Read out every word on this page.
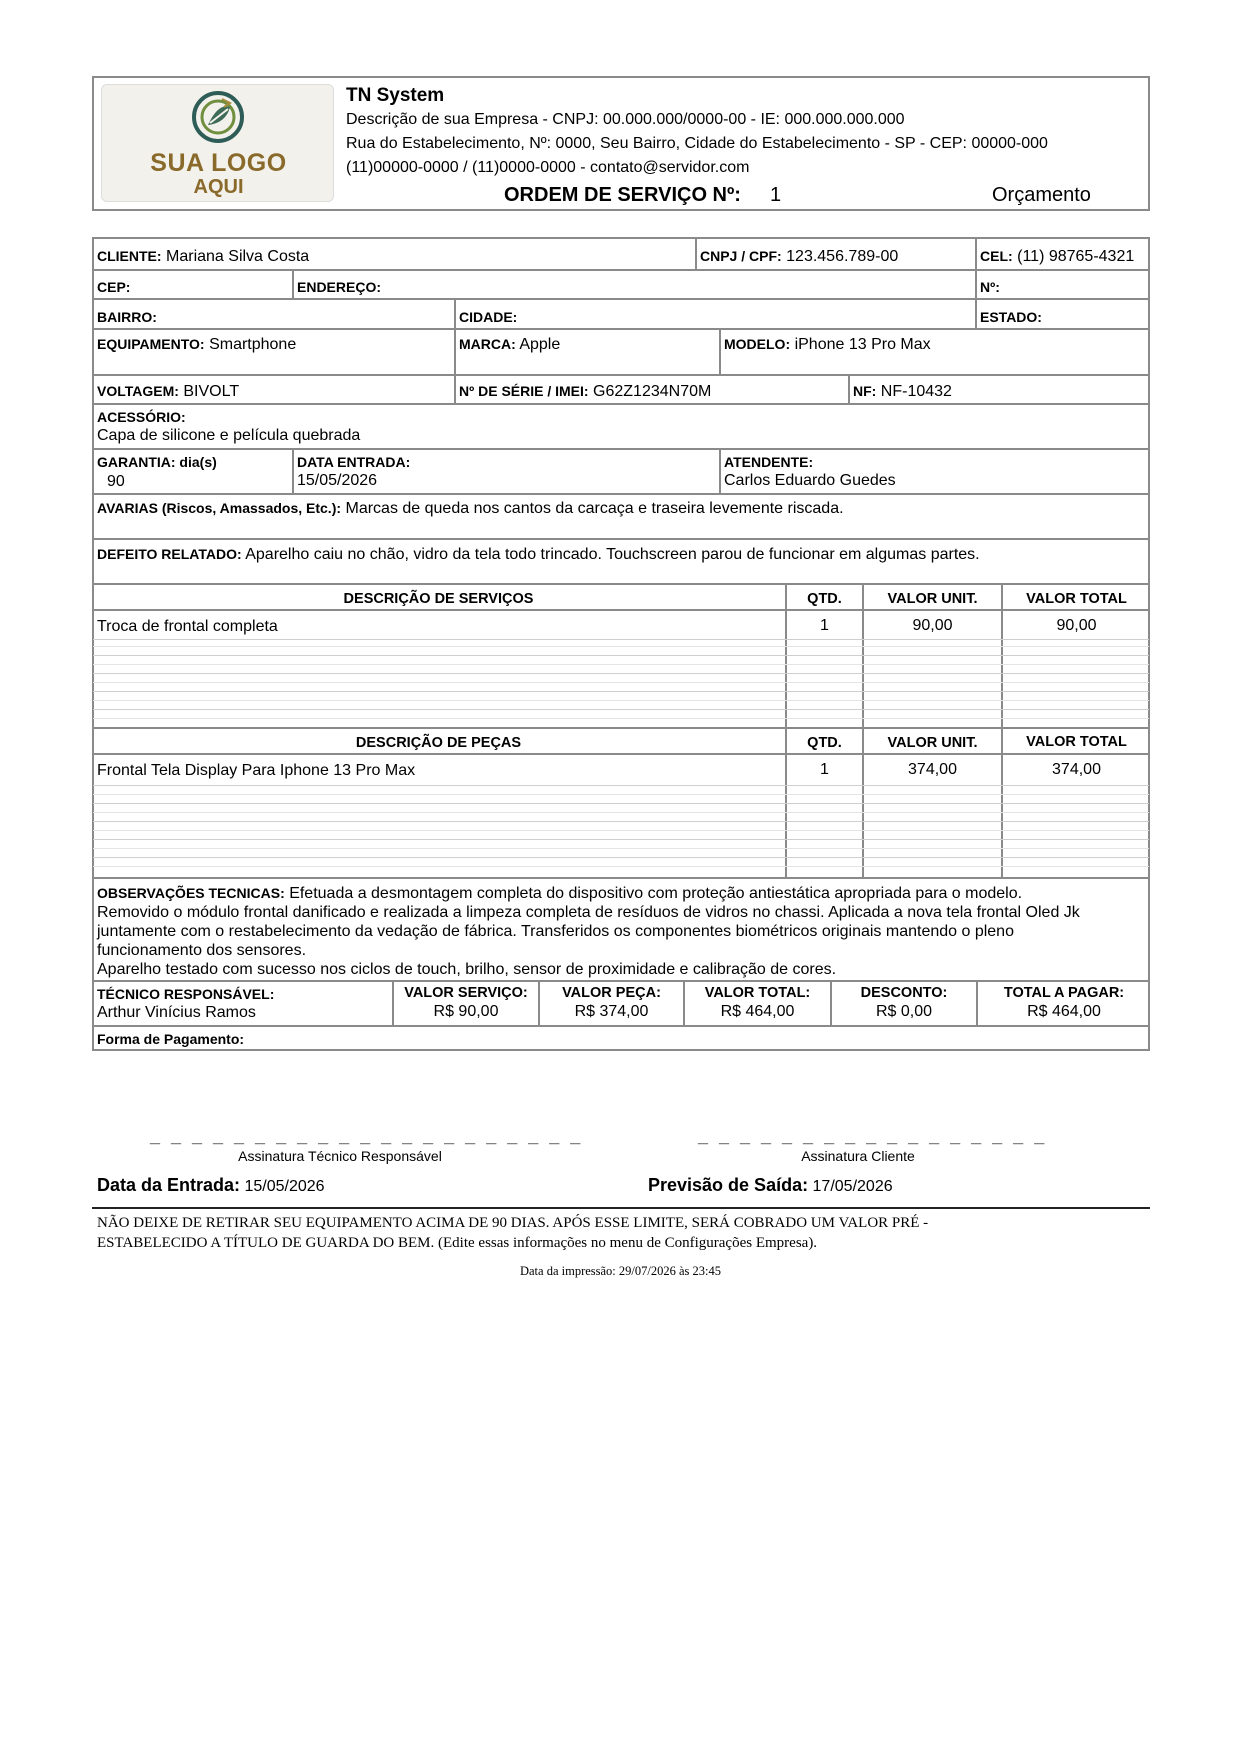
SUA LOGO
AQUI
TN System
Descrição de sua Empresa - CNPJ: 00.000.000/0000-00 - IE: 000.000.000.000
Rua do Estabelecimento, Nº: 0000, Seu Bairro, Cidade do Estabelecimento - SP - CEP: 00000-000
(11)00000-0000 / (11)0000-0000 - contato@servidor.com
ORDEM DE SERVIÇO Nº: 1	Orçamento
CLIENTE: Mariana Silva Costa	CNPJ / CPF: 123.456.789-00	CEL: (11) 98765-4321
CEP:	ENDEREÇO:	Nº:
BAIRRO:	CIDADE:	ESTADO:
EQUIPAMENTO: Smartphone	MARCA: Apple	MODELO: iPhone 13 Pro Max
VOLTAGEM: BIVOLT	Nº DE SÉRIE / IMEI: G62Z1234N70M	NF: NF-10432
ACESSÓRIO:
Capa de silicone e película quebrada
GARANTIA: dia(s)
90
DATA ENTRADA:
15/05/2026
ATENDENTE:
Carlos Eduardo Guedes
AVARIAS (Riscos, Amassados, Etc.): Marcas de queda nos cantos da carcaça e traseira levemente riscada.
DEFEITO RELATADO: Aparelho caiu no chão, vidro da tela todo trincado. Touchscreen parou de funcionar em algumas partes.
DESCRIÇÃO DE SERVIÇOS	QTD.	VALOR UNIT.	VALOR TOTAL
Troca de frontal completa	1	90,00	90,00
DESCRIÇÃO DE PEÇAS	QTD.	VALOR UNIT.	VALOR TOTAL
Frontal Tela Display Para Iphone 13 Pro Max	1	374,00	374,00
OBSERVAÇÕES TECNICAS: Efetuada a desmontagem completa do dispositivo com proteção antiestática apropriada para o modelo.
Removido o módulo frontal danificado e realizada a limpeza completa de resíduos de vidros no chassi. Aplicada a nova tela frontal Oled Jk
juntamente com o restabelecimento da vedação de fábrica. Transferidos os componentes biométricos originais mantendo o pleno
funcionamento dos sensores.
Aparelho testado com sucesso nos ciclos de touch, brilho, sensor de proximidade e calibração de cores.
TÉCNICO RESPONSÁVEL:
Arthur Vinícius Ramos
VALOR SERVIÇO:
R$ 90,00
VALOR PEÇA:
R$ 374,00
VALOR TOTAL:
R$ 464,00
DESCONTO:
R$ 0,00
TOTAL A PAGAR:
R$ 464,00
Forma de Pagamento:
_ _ _ _ _ _ _ _ _ _ _ _ _ _ _ _ _ _ _ _ _
Assinatura Técnico Responsável
_ _ _ _ _ _ _ _ _ _ _ _ _ _ _ _ _
Assinatura Cliente
Data da Entrada: 15/05/2026	Previsão de Saída: 17/05/2026
NÃO DEIXE DE RETIRAR SEU EQUIPAMENTO ACIMA DE 90 DIAS. APÓS ESSE LIMITE, SERÁ COBRADO UM VALOR PRÉ -
ESTABELECIDO A TÍTULO DE GUARDA DO BEM. (Edite essas informações no menu de Configurações Empresa).
Data da impressão: 29/07/2026 às 23:45
